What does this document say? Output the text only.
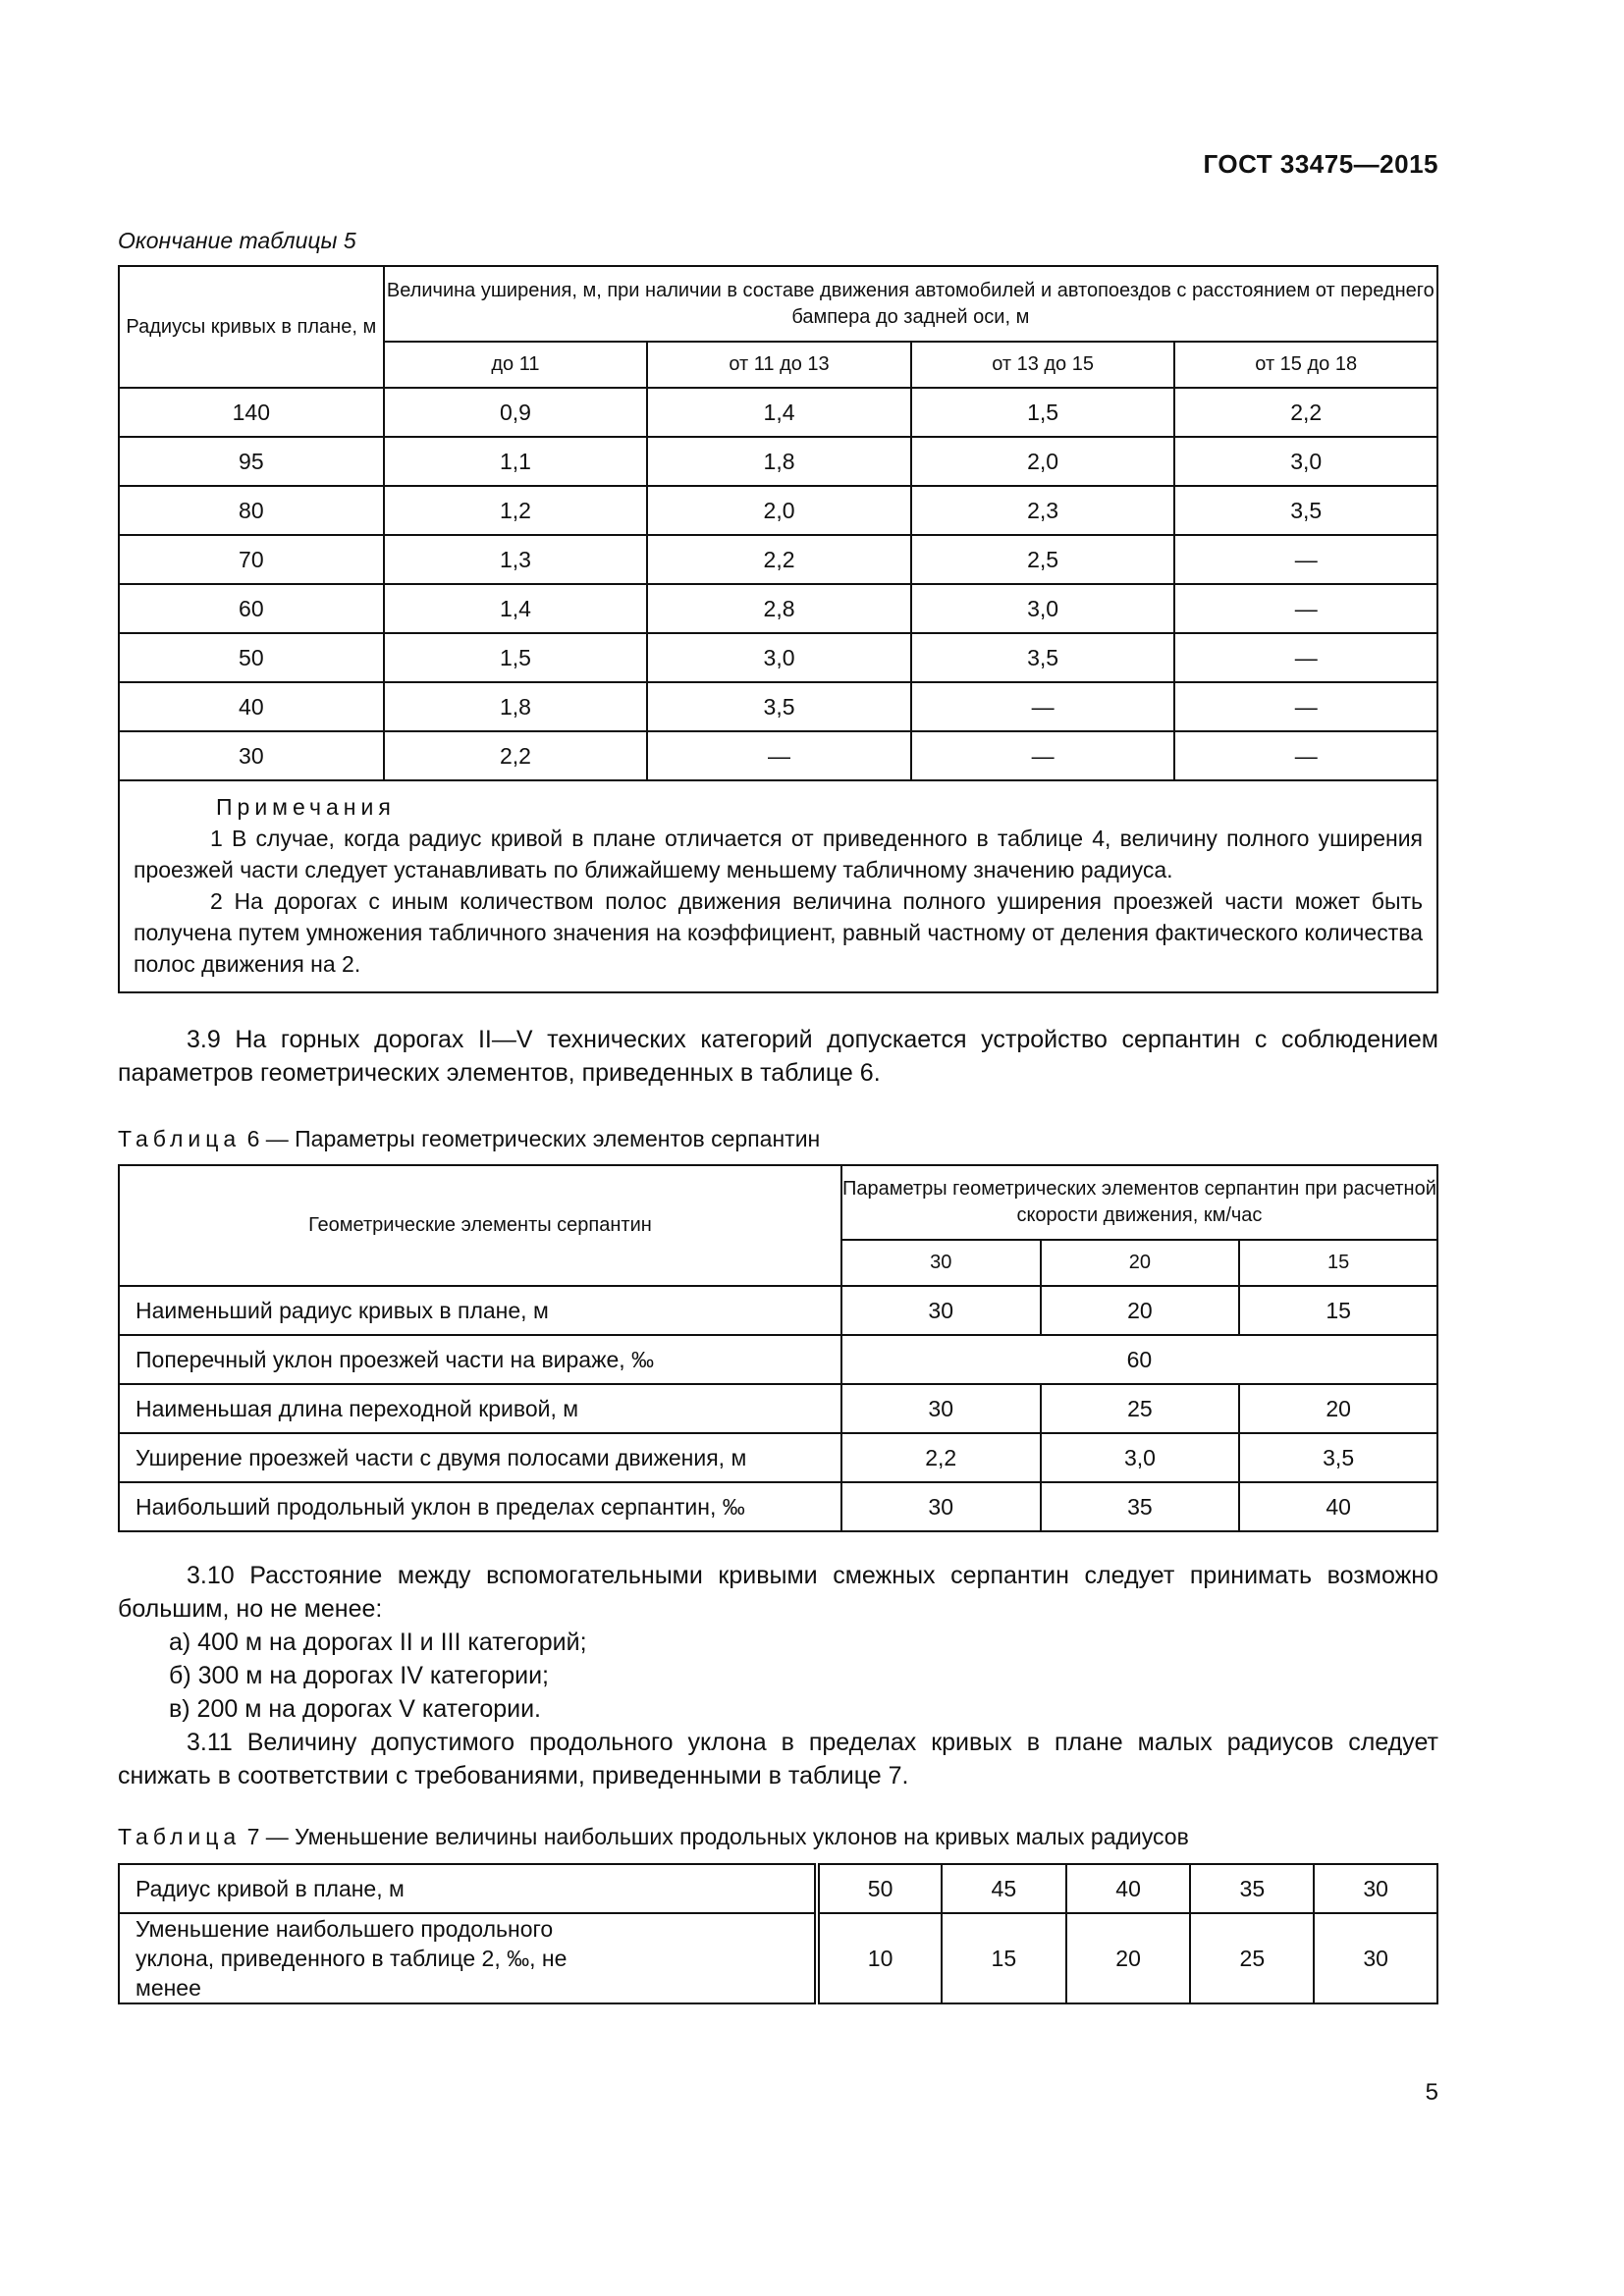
ГОСТ 33475—2015
Окончание таблицы 5
Радиусы кривых в плане, м	Величина уширения, м, при наличии в составе движения автомобилей и автопоездов с расстоянием от переднего бампера до задней оси, м			
	до 11	от 11 до 13	от 13 до 15	от 15 до 18
140	0,9	1,4	1,5	2,2
95	1,1	1,8	2,0	3,0
80	1,2	2,0	2,3	3,5
70	1,3	2,2	2,5	—
60	1,4	2,8	3,0	—
50	1,5	3,0	3,5	—
40	1,8	3,5	—	—
30	2,2	—	—	—

Примечания

1 В случае, когда радиус кривой в плане отличается от приведенного в таблице 4, величину полного уширения проезжей части следует устанавливать по ближайшему меньшему табличному значению радиуса.

2 На дорогах с иным количеством полос движения величина полного уширения проезжей части может быть получена путем умножения табличного значения на коэффициент, равный частному от деления фактического количества полос движения на 2.				

3.9 На горных дорогах II—V технических категорий допускается устройство серпантин с соблюдением параметров геометрических элементов, приведенных в таблице 6.

Таблица 6 — Параметры геометрических элементов серпантин
Геометрические элементы серпантин	Параметры геометрических элементов серпантин при расчетной скорости движения, км/час		
	30	20	15
Наименьший радиус кривых в плане, м	30	20	15
Поперечный уклон проезжей части на вираже, ‰	60		
Наименьшая длина переходной кривой, м	30	25	20
Уширение проезжей части с двумя полосами движения, м	2,2	3,0	3,5
Наибольший продольный уклон в пределах серпантин, ‰	30	35	40

3.10 Расстояние между вспомогательными кривыми смежных серпантин следует принимать возможно большим, но не менее:

а) 400 м на дорогах II и III категорий;

б) 300 м на дорогах IV категории;

в) 200 м на дорогах V категории.

3.11 Величину допустимого продольного уклона в пределах кривых в плане малых радиусов следует снижать в соответствии с требованиями, приведенными в таблице 7.

Таблица 7 — Уменьшение величины наибольших продольных уклонов на кривых малых радиусов
Радиус кривой в плане, м	50	45	40	35	30
Уменьшение наибольшего продольного уклона, приведенного в таблице 2, ‰, не менее	10	15	20	25	30
5
